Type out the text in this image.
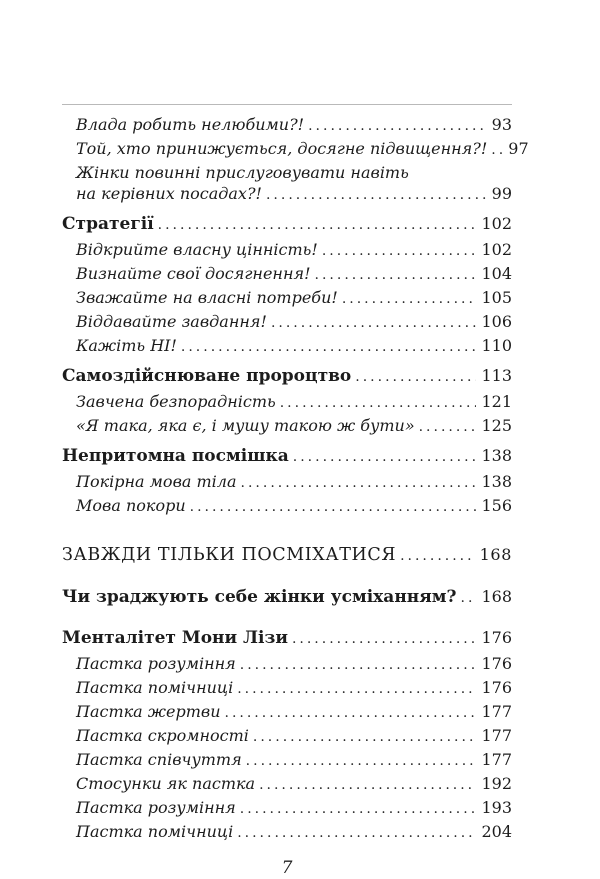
Влада робить нелюбими?! .....	93
Той, хто принижується, досягне підвищення?! ..... 97
Жінки повинні прислуговувати навіть
на керівних посадах?! .....	99
Стратегії .....	102
Відкрийте власну цінність! .....	102
Визнайте свої досягнення! .....	104
Зважайте на власні потреби! .....	105
Віддавайте завдання! .....	106
Кажіть НІ! .....	110
Самоздійснюване пророцтво .....	113
Завчена безпорадність .....	121
«Я така, яка є, і мушу такою ж бути» .....	125
Непритомна посмішка .....	138
Покірна мова тіла .....	138
Мова покори .....	156
ЗАВЖДИ ТІЛЬКИ ПОСМІХАТИСЯ .....	168
Чи зраджують себе жінки усміханням? ..... 168
Менталітет Мони Лізи .....	176
Пастка розуміння .....	176
Пастка помічниці .....	176
Пастка жертви .....	177
Пастка скромності .....	177
Пастка співчуття .....	177
Стосунки як пастка .....	192
Пастка розуміння .....	193
Пастка помічниці .....	204
7
